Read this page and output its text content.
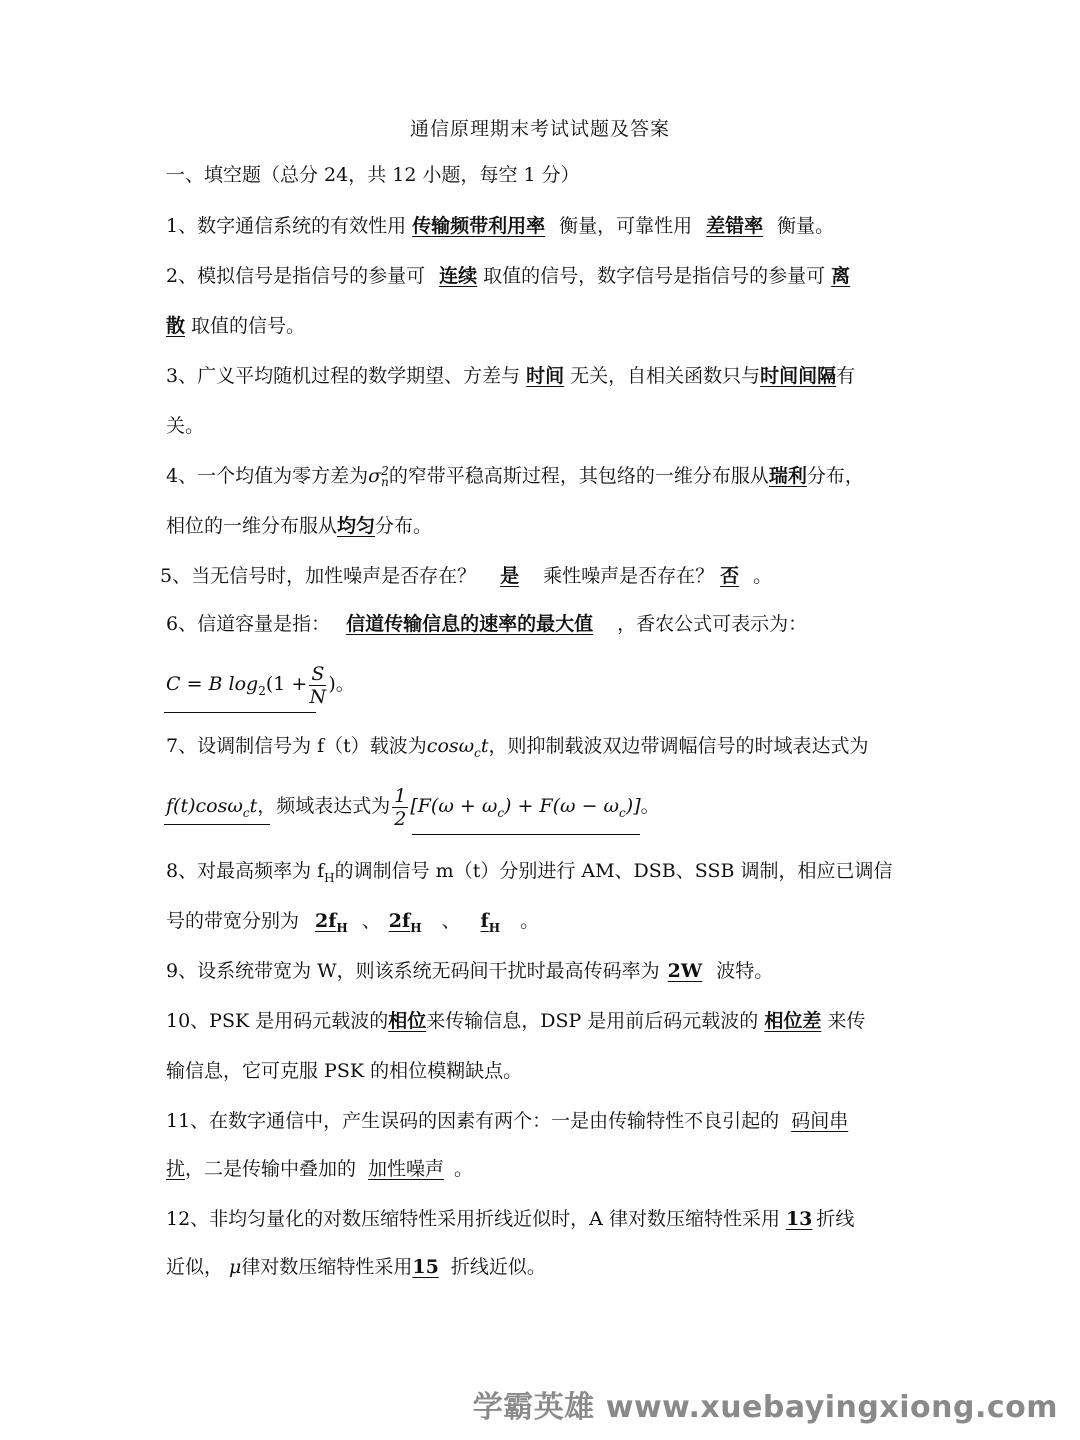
通信原理期末考试试题及答案
一、填空题（总分 24，共 12 小题，每空 1 分）
1、数字通信系统的有效性用 传输频带利用率 衡量，可靠性用 差错率 衡量。
2、模拟信号是指信号的参量可 连续 取值的信号，数字信号是指信号的参量可 离
散 取值的信号。
3、广义平均随机过程的数学期望、方差与 时间 无关，自相关函数只与时间间隔有
关。
4、一个均值为零方差为σ 2
n 的窄带平稳高斯过程，其包络的一维分布服从瑞利分布，
相位的一维分布服从均匀分布。
5、当无信号时，加性噪声是否存在？ 是 乘性噪声是否存在？ 否 。
6、信道容量是指： 信道传输信息的速率的最大值 ，香农公式可表示为：
C = B $\log_2(1 + \frac{S}{N}$ )。
7、设调制信号为 f（t）载波为cosω$_c$t，则抑制载波双边带调幅信号的时域表达式为
f(t)cosω$_c$t，频域表达式为 $\frac{1}{2} [F(\omega + \omega_c) + F(\omega - \omega_c)]$。
8、对最高频率为 $f_H$的调制信号 m（t）分别进行 AM、DSB、SSB 调制，相应已调信
号的带宽分别为 $2f_H$ 、 $2f_H$ 、 $f_H$ 。
9、设系统带宽为 W，则该系统无码间干扰时最高传码率为 2W 波特。
10、PSK 是用码元载波的相位来传输信息，DSP 是用前后码元载波的 相位差 来传
输信息，它可克服 PSK 的相位模糊缺点。
11、在数字通信中，产生误码的因素有两个：一是由传输特性不良引起的 码间串
扰，二是传输中叠加的 加性噪声 。
12、非均匀量化的对数压缩特性采用折线近似时，A 律对数压缩特性采用 13 折线
近似， μ律对数压缩特性采用15 折线近似。
学霸英雄 www.xuebayingxiong.com
